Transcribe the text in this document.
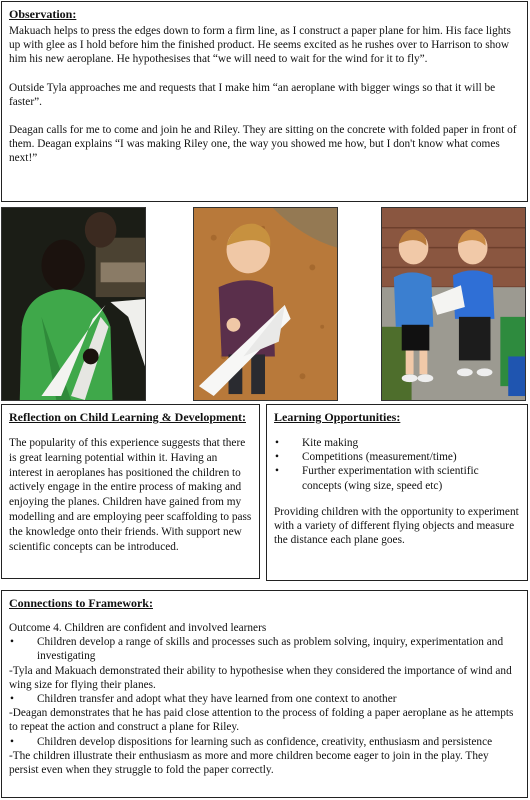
Observation:

Makuach helps to press the edges down to form a firm line, as I construct a paper plane for him. His face lights up with glee as I hold before him the finished product. He seems excited as he rushes over to Harrison to show him his new aeroplane. He hypothesises that “we will need to wait for the wind for it to fly”.

Outside Tyla approaches me and requests that I make him “an aeroplane with bigger wings so that it will be faster”.

Deagan calls for me to come and join he and Riley. They are sitting on the concrete with folded paper in front of them. Deagan explains “I was making Riley one, the way you showed me how, but I don't know what comes next!”

Reflection on Child Learning & Development:

The popularity of this experience suggests that there is great learning potential within it. Having an interest in aeroplanes has positioned the children to actively engage in the entire process of making and enjoying the planes. Children have gained from my modelling and are employing peer scaffolding to pass the knowledge onto their friends. With support new scientific concepts can be introduced.

Learning Opportunities:
• Kite making
• Competitions (measurement/time)
• Further experimentation with scientific concepts (wing size, speed etc)

Providing children with the opportunity to experiment with a variety of different flying objects and measure the distance each plane goes.

Connections to Framework:

Outcome 4. Children are confident and involved learners

• Children develop a range of skills and processes such as problem solving, inquiry, experimentation and investigating

-Tyla and Makuach demonstrated their ability to hypothesise when they considered the importance of wind and wing size for flying their planes.

• Children transfer and adopt what they have learned from one context to another

-Deagan demonstrates that he has paid close attention to the process of folding a paper aeroplane as he attempts to repeat the action and construct a plane for Riley.

• Children develop dispositions for learning such as confidence, creativity, enthusiasm and persistence

-The children illustrate their enthusiasm as more and more children become eager to join in the play. They persist even when they struggle to fold the paper correctly.
